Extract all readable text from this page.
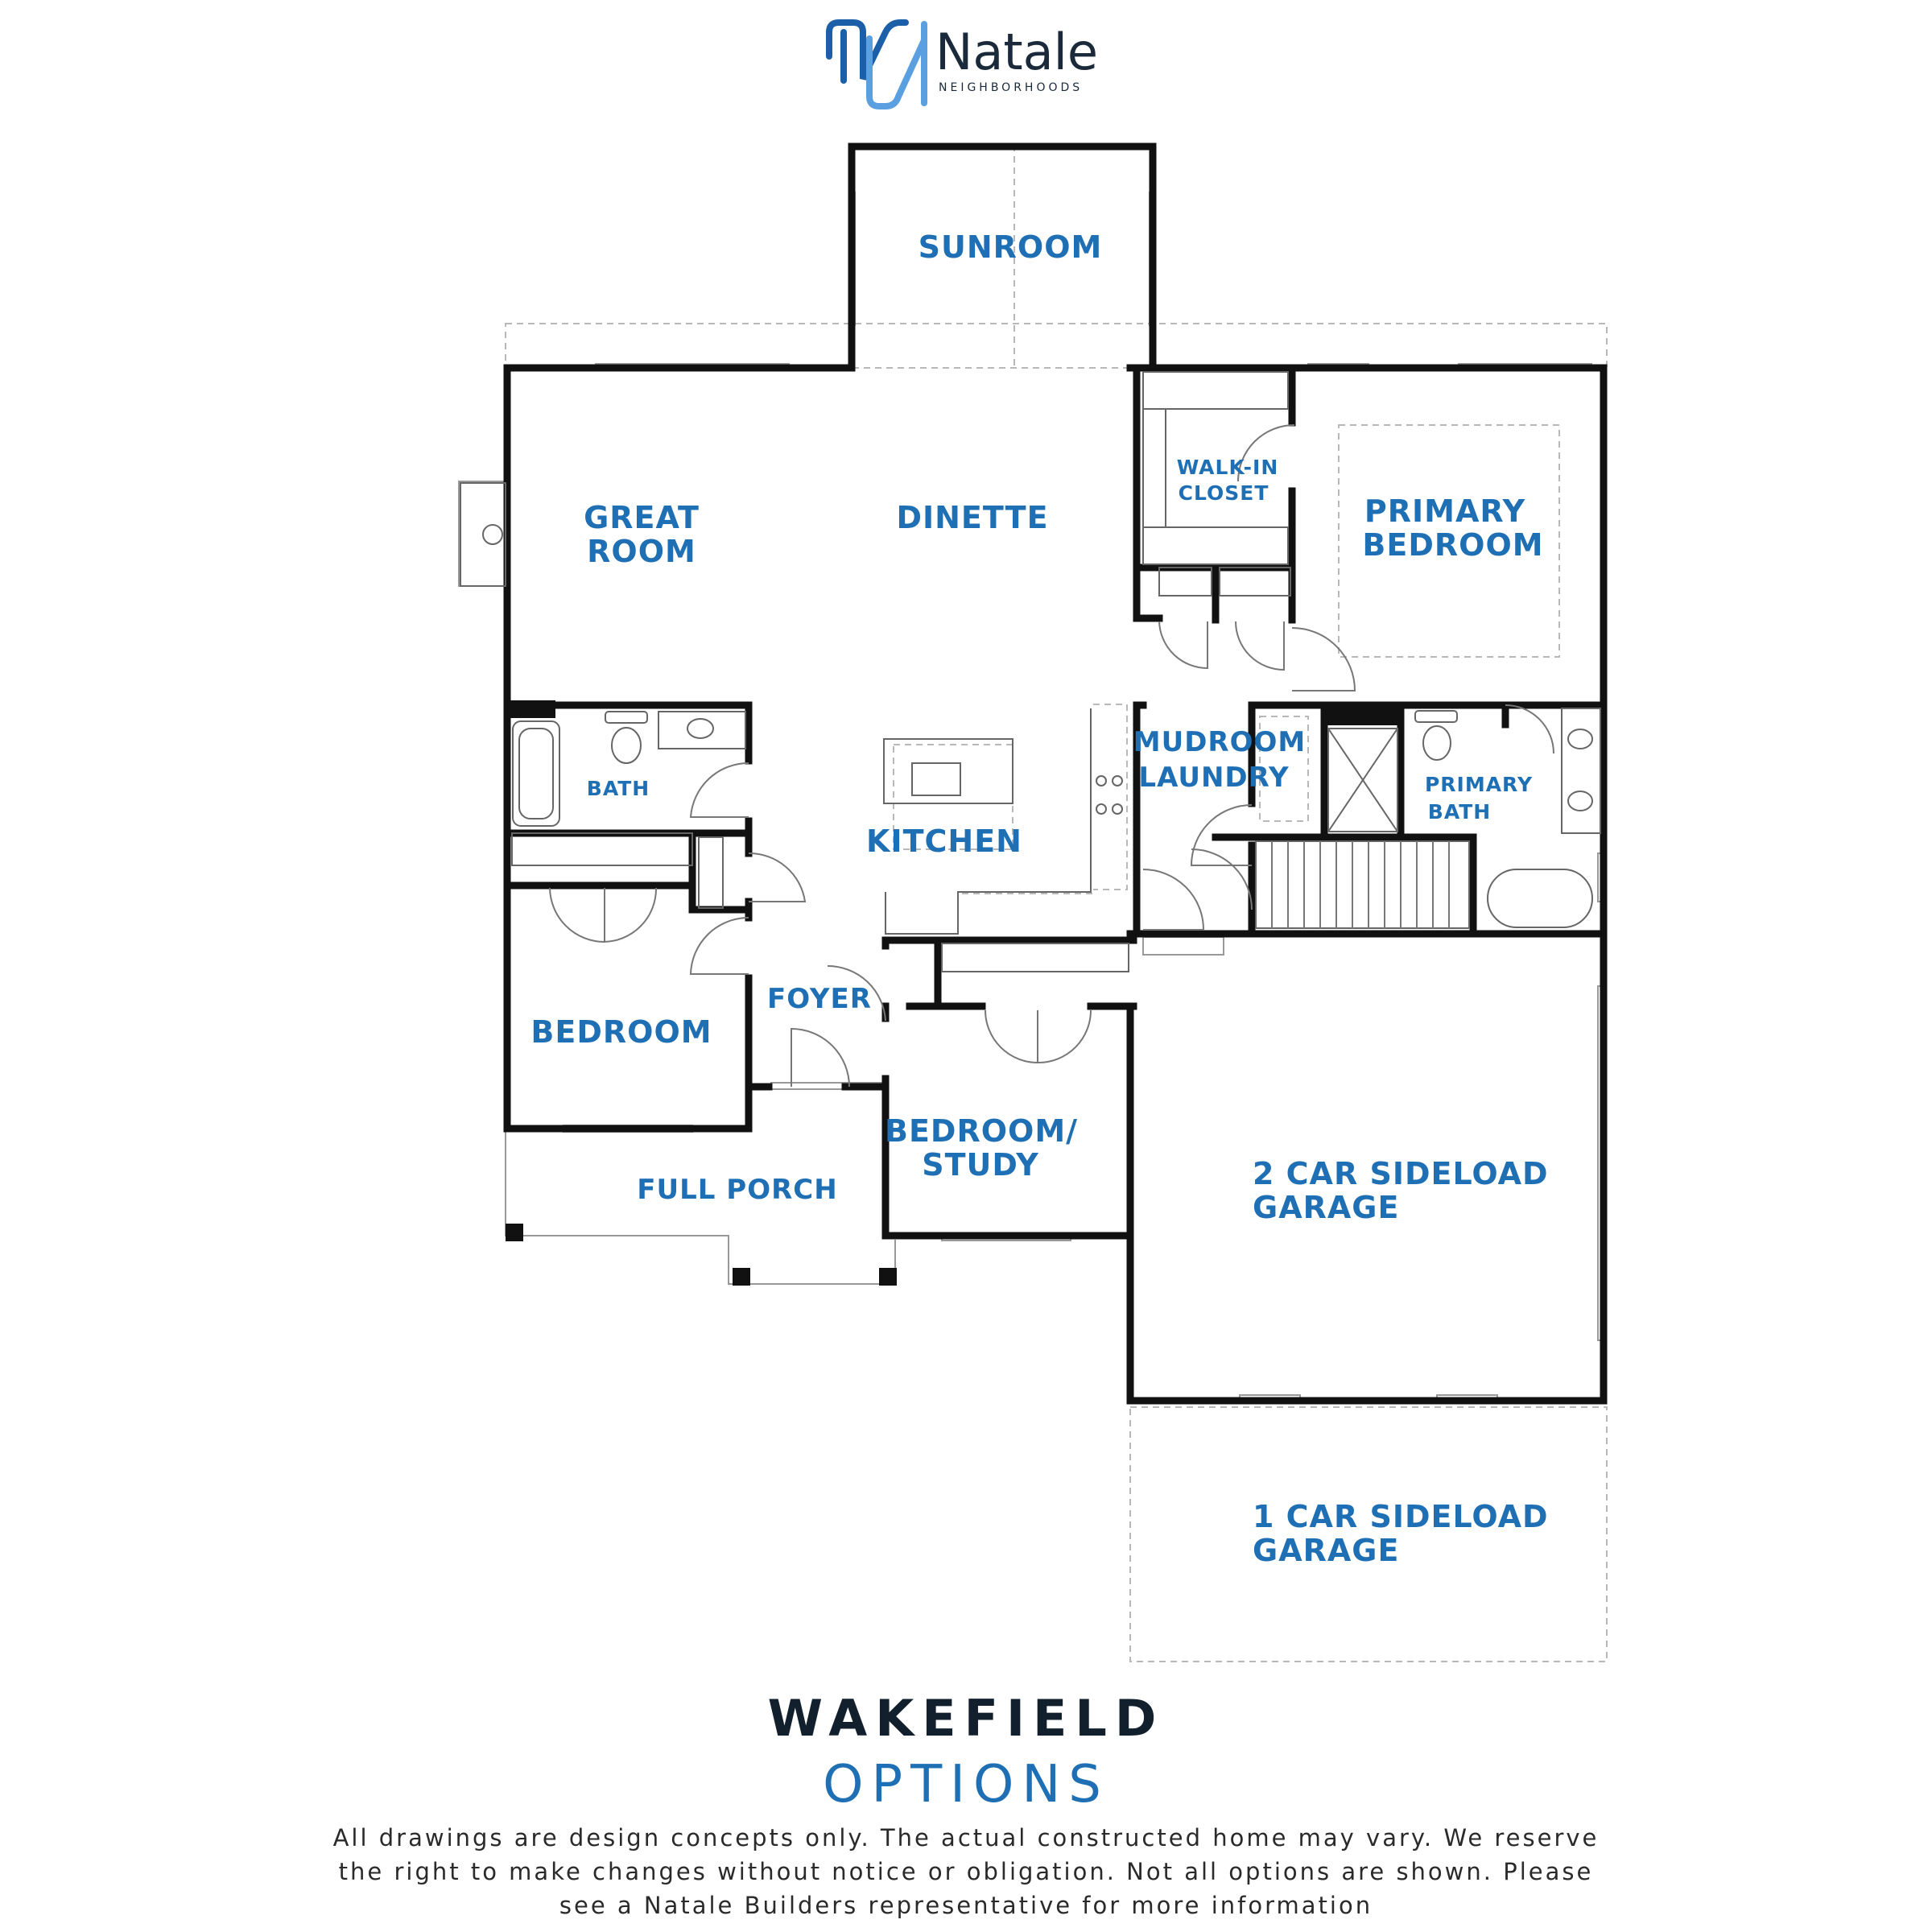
Natale
NEIGHBORHOODS
SUNROOM
GREAT
ROOM
DINETTE
WALK-IN
CLOSET
PRIMARY
BEDROOM
BATH
KITCHEN
MUDROOM
LAUNDRY	PRIMARY
BATH
BEDROOM
FOYER
BEDROOM/
STUDY
FULL PORCH	2 CAR SIDELOAD
GARAGE
1 CAR SIDELOAD
GARAGE
WAKEFIELD
OPTIONS
All drawings are design concepts only. The actual constructed home may vary. We reserve
the right to make changes without notice or obligation. Not all options are shown. Please
see a Natale Builders representative for more information
